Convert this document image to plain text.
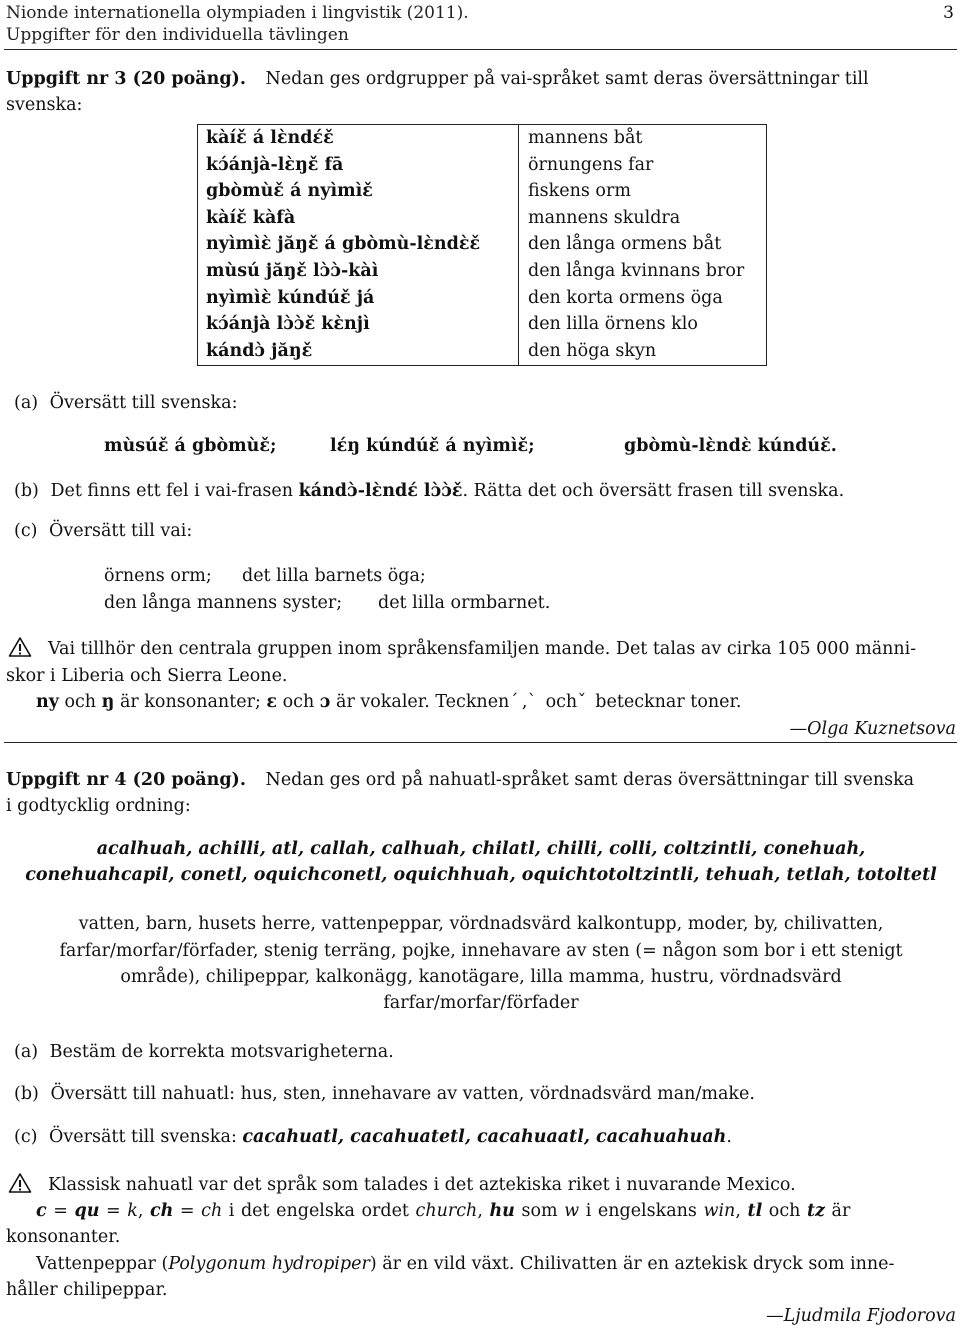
Nionde internationella olympiaden i lingvistik (2011).
Uppgifter för den individuella tävlingen
3
Uppgift nr 3 (20 poäng). Nedan ges ordgrupper på vai-språket samt deras översättningar till
svenska:
kàíɛ̌ á lɛ̀ndɛ́ɛ̌
kɔ́ánjà-lɛ̀ŋɛ̌ fā
gbòmùɛ̌ á nyìmìɛ̌
kàíɛ̌ kàfà
nyìmìɛ̀ jăŋɛ̌ á gbòmù-lɛ̀ndɛ̀ɛ̌
mùsú jăŋɛ̌ lɔ̀ɔ̀-kàì
nyìmìɛ̀ kúndúɛ̌ já
kɔ́ánjà lɔ̀ɔ̀ɛ̌ kɛ̀njì
kándɔ̀ jăŋɛ̌
mannens båt
örnungens far
fiskens orm
mannens skuldra
den långa ormens båt
den långa kvinnans bror
den korta ormens öga
den lilla örnens klo
den höga skyn
(a) Översätt till svenska:
mùsúɛ̌ á gbòmùɛ̌;	lɛ́ŋ kúndúɛ̌ á nyìmìɛ̌;	gbòmù-lɛ̀ndɛ̀ kúndúɛ̌.
(b) Det finns ett fel i vai-frasen kándɔ̀-lɛ̀ndɛ́ lɔ̀ɔ̀ɛ̌. Rätta det och översätt frasen till svenska.
(c) Översätt till vai:
örnens orm; det lilla barnets öga;
den långa mannens syster; det lilla ormbarnet.
Vai tillhör den centrala gruppen inom språkensfamiljen mande. Det talas av cirka 105 000 männi-
skor i Liberia och Sierra Leone.
ny och ŋ är konsonanter; ɛ och ɔ är vokaler. Tecknen  ́ ,  ̀  och  ̌  betecknar toner.
—Olga Kuznetsova
Uppgift nr 4 (20 poäng). Nedan ges ord på nahuatl-språket samt deras översättningar till svenska
i godtycklig ordning:
acalhuah, achilli, atl, callah, calhuah, chilatl, chilli, colli, coltzintli, conehuah,
conehuahcapil, conetl, oquichconetl, oquichhuah, oquichtotoltzintli, tehuah, tetlah, totoltetl
vatten, barn, husets herre, vattenpeppar, vördnadsvärd kalkontupp, moder, by, chilivatten,
farfar/morfar/förfader, stenig terräng, pojke, innehavare av sten (= någon som bor i ett stenigt
område), chilipeppar, kalkonägg, kanotägare, lilla mamma, hustru, vördnadsvärd
farfar/morfar/förfader
(a) Bestäm de korrekta motsvarigheterna.
(b) Översätt till nahuatl: hus, sten, innehavare av vatten, vördnadsvärd man/make.
(c) Översätt till svenska: cacahuatl, cacahuatetl, cacahuaatl, cacahuahuah.
Klassisk nahuatl var det språk som talades i det aztekiska riket i nuvarande Mexico.
c = qu = k, ch = ch i det engelska ordet church, hu som w i engelskans win, tl och tz är
konsonanter.
Vattenpeppar (Polygonum hydropiper) är en vild växt. Chilivatten är en aztekisk dryck som inne-
håller chilipeppar.
—Ljudmila Fjodorova
